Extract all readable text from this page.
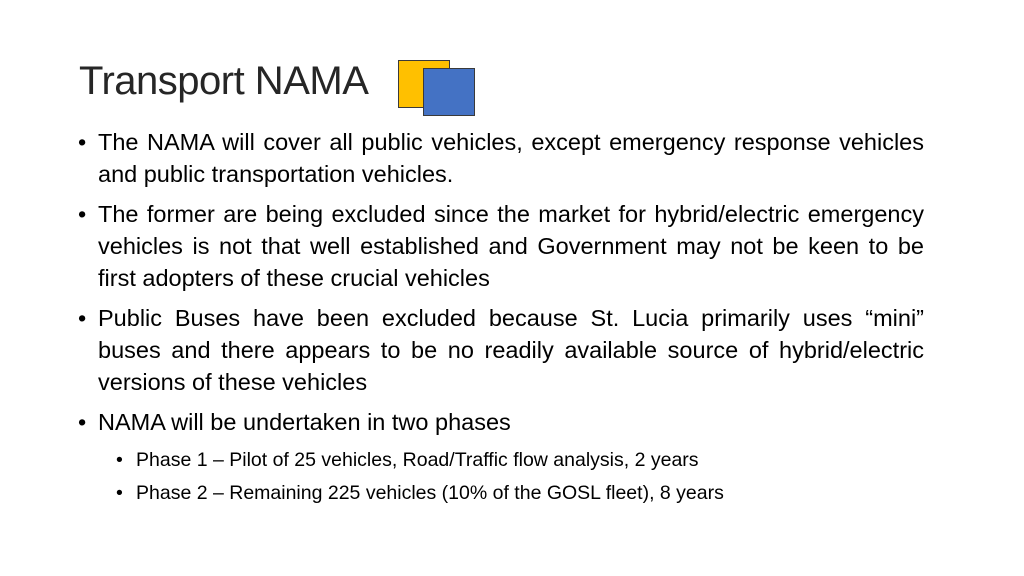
Transport NAMA
• The NAMA will cover all public vehicles, except emergency response vehicles and public transportation vehicles.
• The former are being excluded since the market for hybrid/electric emergency vehicles is not that well established and Government may not be keen to be first adopters of these crucial vehicles
• Public Buses have been excluded because St. Lucia primarily uses “mini” buses and there appears to be no readily available source of hybrid/electric versions of these vehicles
• NAMA will be undertaken in two phases
• Phase 1 – Pilot of 25 vehicles, Road/Traffic flow analysis, 2 years
• Phase 2 – Remaining 225 vehicles (10% of the GOSL fleet), 8 years
